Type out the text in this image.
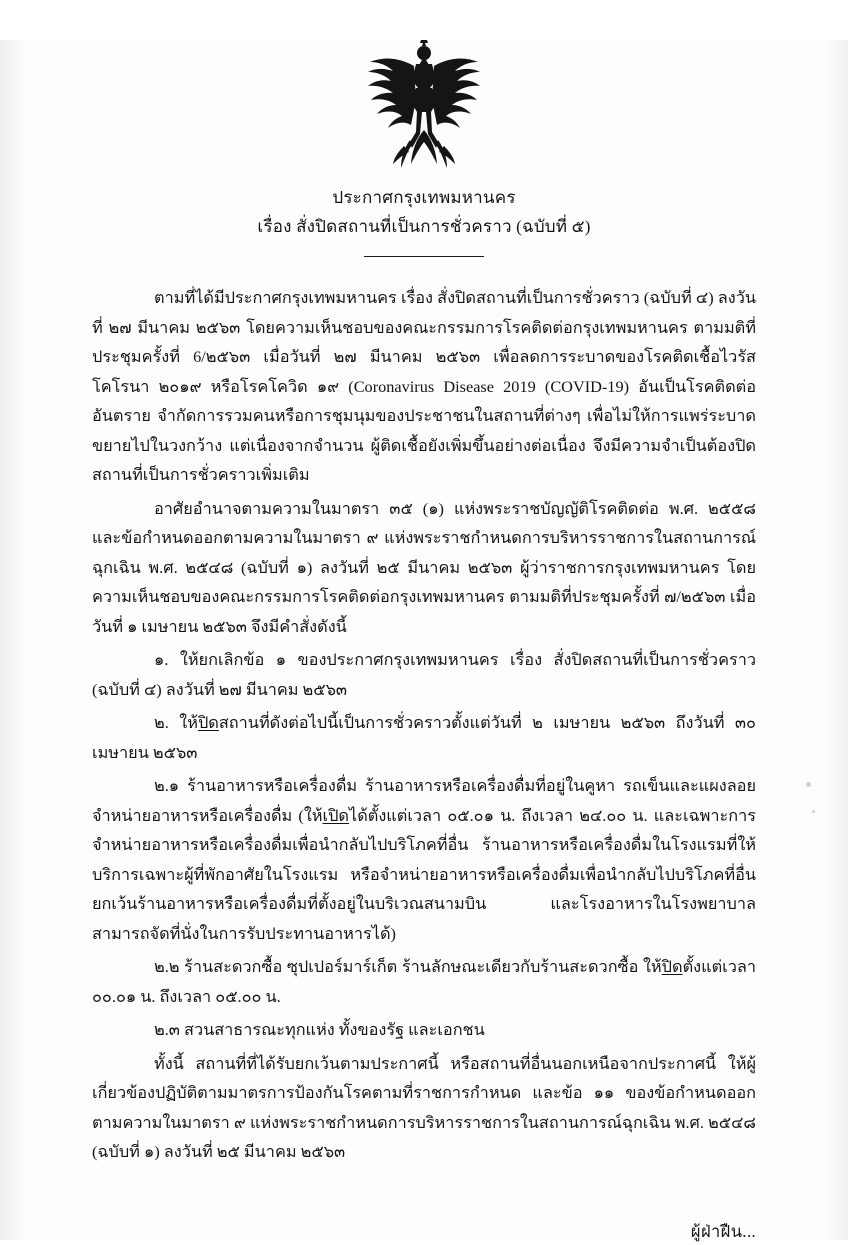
ประกาศกรุงเทพมหานคร
เรื่อง สั่งปิดสถานที่เป็นการชั่วคราว (ฉบับที่ ๕)

ตามที่ได้มีประกาศกรุงเทพมหานคร เรื่อง สั่งปิดสถานที่เป็นการชั่วคราว (ฉบับที่ ๔) ลงวันที่ ๒๗ มีนาคม ๒๕๖๓ โดยความเห็นชอบของคณะกรรมการโรคติดต่อกรุงเทพมหานคร ตามมติที่ประชุมครั้งที่ 6/๒๕๖๓ เมื่อวันที่ ๒๗ มีนาคม ๒๕๖๓ เพื่อลดการระบาดของโรคติดเชื้อไวรัสโคโรนา ๒๐๑๙ หรือโรคโควิด ๑๙ (Coronavirus Disease 2019 (COVID-19) อันเป็นโรคติดต่ออันตราย จำกัดการรวมคนหรือการชุมนุมของประชาชนในสถานที่ต่างๆ เพื่อไม่ให้การแพร่ระบาดขยายไปในวงกว้าง แต่เนื่องจากจำนวน ผู้ติดเชื้อยังเพิ่มขึ้นอย่างต่อเนื่อง จึงมีความจำเป็นต้องปิดสถานที่เป็นการชั่วคราวเพิ่มเติม

อาศัยอำนาจตามความในมาตรา ๓๕ (๑) แห่งพระราชบัญญัติโรคติดต่อ พ.ศ. ๒๕๕๘ และข้อกำหนดออกตามความในมาตรา ๙ แห่งพระราชกำหนดการบริหารราชการในสถานการณ์ฉุกเฉิน พ.ศ. ๒๕๔๘ (ฉบับที่ ๑) ลงวันที่ ๒๕ มีนาคม ๒๕๖๓ ผู้ว่าราชการกรุงเทพมหานคร โดยความเห็นชอบของคณะกรรมการโรคติดต่อกรุงเทพมหานคร ตามมติที่ประชุมครั้งที่ ๗/๒๕๖๓ เมื่อวันที่ ๑ เมษายน ๒๕๖๓ จึงมีคำสั่งดังนี้

๑. ให้ยกเลิกข้อ ๑ ของประกาศกรุงเทพมหานคร เรื่อง สั่งปิดสถานที่เป็นการชั่วคราว (ฉบับที่ ๔) ลงวันที่ ๒๗ มีนาคม ๒๕๖๓

๒. ให้ปิดสถานที่ดังต่อไปนี้เป็นการชั่วคราวตั้งแต่วันที่ ๒ เมษายน ๒๕๖๓ ถึงวันที่ ๓๐ เมษายน ๒๕๖๓

๒.๑ ร้านอาหารหรือเครื่องดื่ม ร้านอาหารหรือเครื่องดื่มที่อยู่ในคูหา รถเข็นและแผงลอยจำหน่ายอาหารหรือเครื่องดื่ม (ให้เปิดได้ตั้งแต่เวลา ๐๕.๐๑ น. ถึงเวลา ๒๔.๐๐ น. และเฉพาะการจำหน่ายอาหารหรือเครื่องดื่มเพื่อนำกลับไปบริโภคที่อื่น ร้านอาหารหรือเครื่องดื่มในโรงแรมที่ให้บริการเฉพาะผู้ที่พักอาศัยในโรงแรม หรือจำหน่ายอาหารหรือเครื่องดื่มเพื่อนำกลับไปบริโภคที่อื่น ยกเว้นร้านอาหารหรือเครื่องดื่มที่ตั้งอยู่ในบริเวณสนามบิน และโรงอาหารในโรงพยาบาล สามารถจัดที่นั่งในการรับประทานอาหารได้)

๒.๒ ร้านสะดวกซื้อ ซุปเปอร์มาร์เก็ต ร้านลักษณะเดียวกับร้านสะดวกซื้อ ให้ปิดตั้งแต่เวลา ๐๐.๐๑ น. ถึงเวลา ๐๕.๐๐ น.

๒.๓ สวนสาธารณะทุกแห่ง ทั้งของรัฐ และเอกชน

ทั้งนี้ สถานที่ที่ได้รับยกเว้นตามประกาศนี้ หรือสถานที่อื่นนอกเหนือจากประกาศนี้ ให้ผู้เกี่ยวข้องปฏิบัติตามมาตรการป้องกันโรคตามที่ราชการกำหนด และข้อ ๑๑ ของข้อกำหนดออกตามความในมาตรา ๙ แห่งพระราชกำหนดการบริหารราชการในสถานการณ์ฉุกเฉิน พ.ศ. ๒๕๔๘ (ฉบับที่ ๑) ลงวันที่ ๒๕ มีนาคม ๒๕๖๓

ผู้ฝ่าฝืน...
